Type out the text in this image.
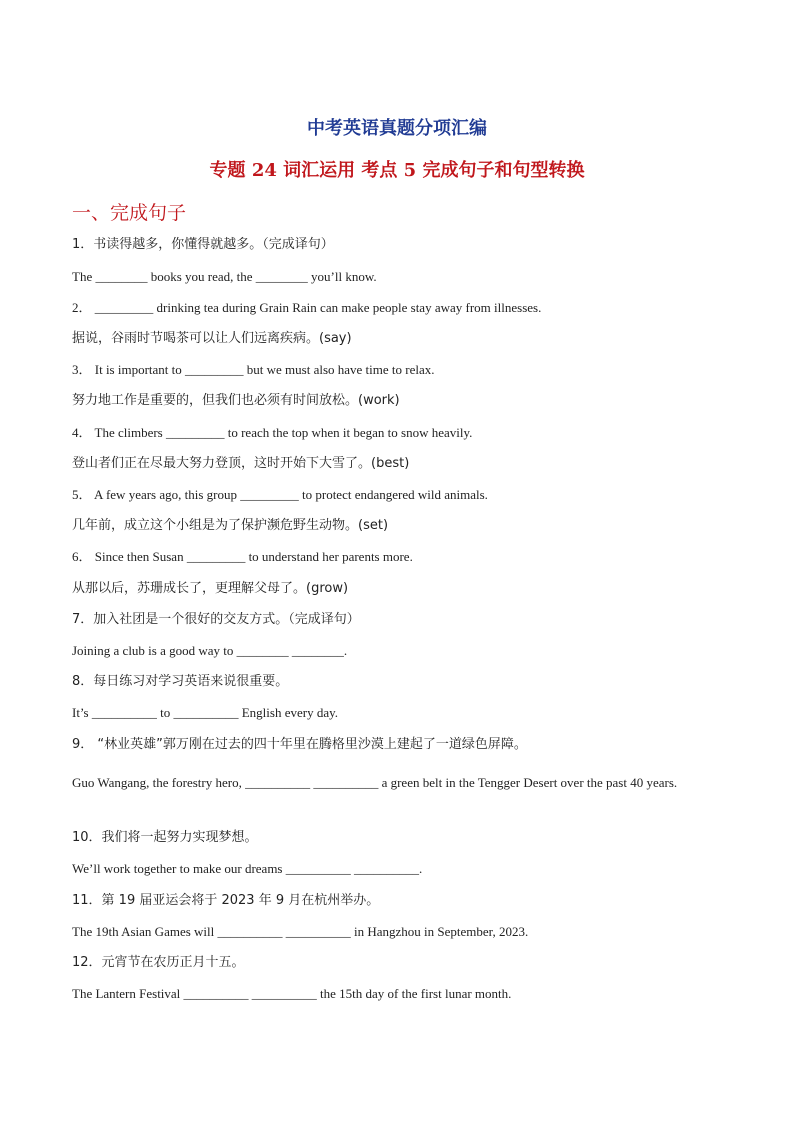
中考英语真题分项汇编
专题 24 词汇运用 考点 5 完成句子和句型转换
一、完成句子
1．书读得越多，你懂得就越多。（完成译句）
The ________ books you read, the ________ you’ll know.
2． _________ drinking tea during Grain Rain can make people stay away from illnesses.
据说，谷雨时节喝茶可以让人们远离疾病。(say)
3． It is important to _________ but we must also have time to relax.
努力地工作是重要的，但我们也必须有时间放松。(work)
4． The climbers _________ to reach the top when it began to snow heavily.
登山者们正在尽最大努力登顶，这时开始下大雪了。(best)
5． A few years ago, this group _________ to protect endangered wild animals.
几年前，成立这个小组是为了保护濒危野生动物。(set)
6． Since then Susan _________ to understand her parents more.
从那以后，苏珊成长了，更理解父母了。(grow)
7．加入社团是一个很好的交友方式。（完成译句）
Joining a club is a good way to ________ ________.
8．每日练习对学习英语来说很重要。
It’s __________ to __________ English every day.
9． “林业英雄”郭万刚在过去的四十年里在腾格里沙漠上建起了一道绿色屏障。
Guo Wangang, the forestry hero, __________ __________ a green belt in the Tengger Desert over the past 40 years.
10．我们将一起努力实现梦想。
We’ll work together to make our dreams __________ __________.
11．第 19 届亚运会将于 2023 年 9 月在杭州举办。
The 19th Asian Games will __________ __________ in Hangzhou in September, 2023.
12．元宵节在农历正月十五。
The Lantern Festival __________ __________ the 15th day of the first lunar month.
